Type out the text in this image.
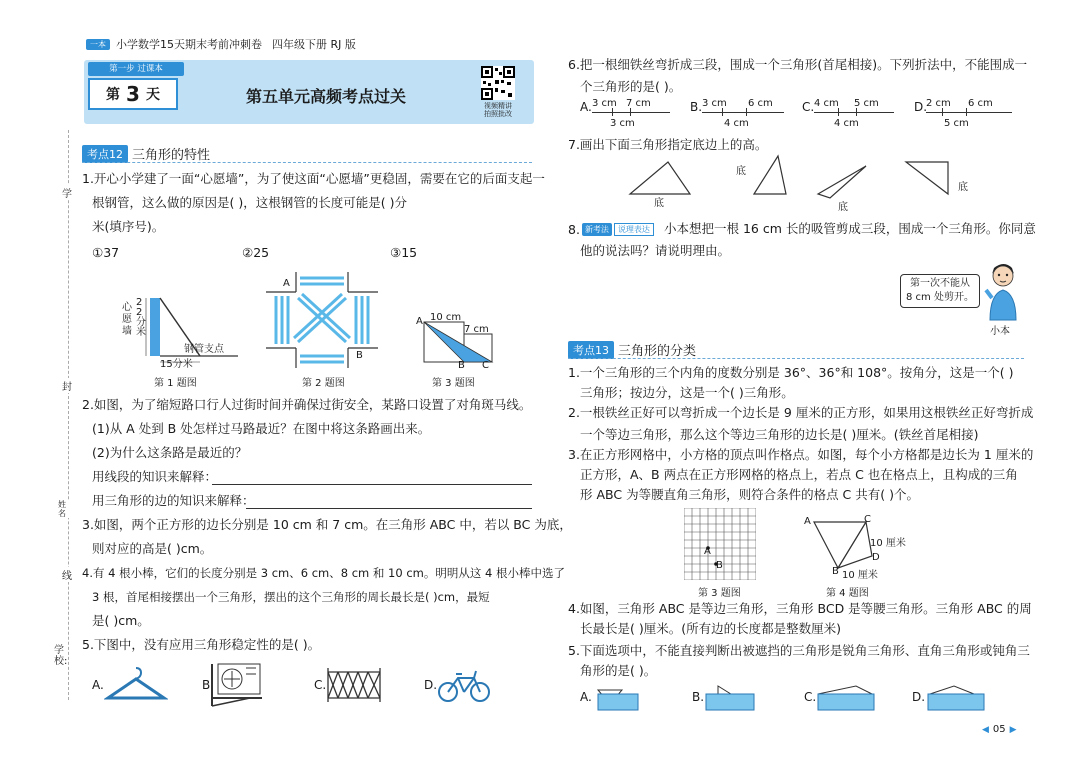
一本 小学数学15天期末考前冲刺卷 四年级下册 RJ 版
学
封
姓名
线
学校:
第一步 过课本
第 3 天	第五单元高频考点过关	视频精讲
拍照批改
考点12 三角形的特性
1.开心小学建了一面“心愿墙”，为了使这面“心愿墙”更稳固，需要在它的后面支起一
根钢管，这么做的原因是( )，这根钢管的长度可能是( )分
米(填序号)。
①37	②25	③15
心
愿
墙
2
2
分
米
钢管支点
15分米
第 1 题图
A
B
第 2 题图
A
B C
10 cm
7 cm
第 3 题图
2.如图，为了缩短路口行人过街时间并确保过街安全，某路口设置了对角斑马线。
(1)从 A 处到 B 处怎样过马路最近？在图中将这条路画出来。
(2)为什么这条路是最近的？
用线段的知识来解释：
用三角形的边的知识来解释：
3.如图，两个正方形的边长分别是 10 cm 和 7 cm。在三角形 ABC 中，若以 BC 为底，
则对应的高是( )cm。
4.有 4 根小棒，它们的长度分别是 3 cm、6 cm、8 cm 和 10 cm。明明从这 4 根小棒中选了
3 根，首尾相接摆出一个三角形，摆出的这个三角形的周长最长是( )cm，最短
是( )cm。
5.下图中，没有应用三角形稳定性的是( )。
A.	B.	C.	D.
6.把一根细铁丝弯折成三段，围成一个三角形(首尾相接)。下列折法中，不能围成一
个三角形的是( )。
A. 3 cm 7 cm
3 cm
B. 3 cm 6 cm
4 cm
C. 4 cm 5 cm
4 cm
D.
2 cm 6 cm
5 cm
7.画出下面三角形指定底边上的高。
底
底
底
底
8. 新考法	说理表达	小本想把一根 16 cm 长的吸管剪成三段，围成一个三角形。你同意
他的说法吗？请说明理由。
第一次不能从
8 cm 处剪开。
小本
考点13 三角形的分类
1.一个三角形的三个内角的度数分别是 36°、36°和 108°。按角分，这是一个( )
三角形；按边分，这是一个( )三角形。
2.一根铁丝正好可以弯折成一个边长是 9 厘米的正方形，如果用这根铁丝正好弯折成
一个等边三角形，那么这个等边三角形的边长是( )厘米。(铁丝首尾相接)
3.在正方形网格中，小方格的顶点叫作格点。如图，每个小方格都是边长为 1 厘米的
正方形，A、B 两点在正方形网格的格点上，若点 C 也在格点上，且构成的三角
形 ABC 为等腰直角三角形，则符合条件的格点 C 共有( )个。
A
B
第 3 题图
A	C
D
B
10 厘米
10 厘米
第 4 题图
4.如图，三角形 ABC 是等边三角形，三角形 BCD 是等腰三角形。三角形 ABC 的周
长最长是( )厘米。(所有边的长度都是整数厘米)
5.下面选项中，不能直接判断出被遮挡的三角形是锐角三角形、直角三角形或钝角三
角形的是( )。
A.	B.	C.	D.
◀ 05 ▶
